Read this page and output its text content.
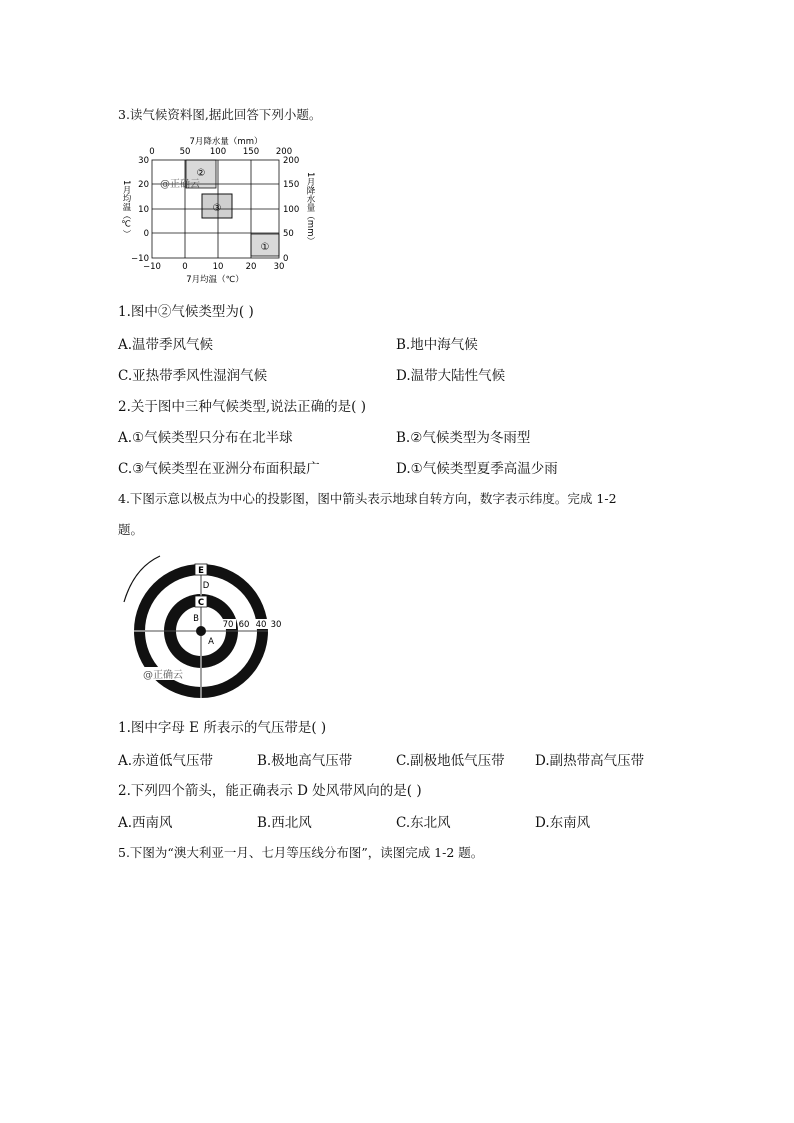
3.读气候资料图,据此回答下列小题。
7月降水量（mm）
0	50 100 150 200
②
③
①
@正确云
30
20
10
0
−10
200
150
100
50
0
−10	0	10	20 30
7月均温（℃）
1月均温（℃）	1月降水量（mm）
1.图中②气候类型为( )
A.温带季风气候	B.地中海气候
C.亚热带季风性湿润气候	D.温带大陆性气候
2.关于图中三种气候类型,说法正确的是( )
A.①气候类型只分布在北半球	B.②气候类型为冬雨型
C.③气候类型在亚洲分布面积最广	D.①气候类型夏季高温少雨
4.下图示意以极点为中心的投影图，图中箭头表示地球自转方向，数字表示纬度。完成 1-2
题。
E
D
C
B
A
70 60 40 30
@正确云
1.图中字母 E 所表示的气压带是( )
A.赤道低气压带	B.极地高气压带	C.副极地低气压带 D.副热带高气压带
2.下列四个箭头，能正确表示 D 处风带风向的是( )
A.西南风	B.西北风	C.东北风	D.东南风
5.下图为“澳大利亚一月、七月等压线分布图”，读图完成 1-2 题。
